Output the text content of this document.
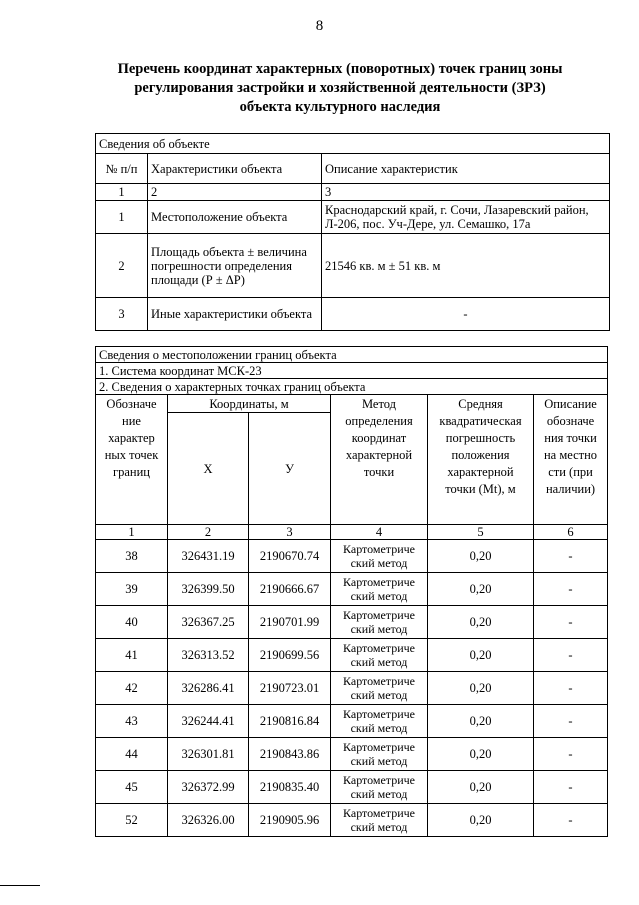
8
Перечень координат характерных (поворотных) точек границ зоны
регулирования застройки и хозяйственной деятельности (ЗРЗ)
объекта культурного наследия
Сведения об объекте		
№ п/п	Характеристики объекта	Описание характеристик
1	2	3
1	Местоположение объекта	Краснодарский край, г. Сочи, Лазаревский район, Л-206, пос. Уч-Дере, ул. Семашко, 17а
2	Площадь объекта ± величина погрешности определения площади (Р ± ΔР)	21546 кв. м ± 51 кв. м
3	Иные характеристики объекта	-
Сведения о местоположении границ объекта					
1. Система координат МСК-23					
2. Сведения о характерных точках границ объекта					
Обозначе ние характер ных точек границ	Координаты, м		Метод определения координат характерной точки	Средняя квадратическая погрешность положения характерной точки (Mt), м	Описание обозначе ния точки на местно сти (при наличии)
	Х	У			
1	2	3	4	5	6
38	326431.19	2190670.74	Картометриче ский метод	0,20	-
39	326399.50	2190666.67	Картометриче ский метод	0,20	-
40	326367.25	2190701.99	Картометриче ский метод	0,20	-
41	326313.52	2190699.56	Картометриче ский метод	0,20	-
42	326286.41	2190723.01	Картометриче ский метод	0,20	-
43	326244.41	2190816.84	Картометриче ский метод	0,20	-
44	326301.81	2190843.86	Картометриче ский метод	0,20	-
45	326372.99	2190835.40	Картометриче ский метод	0,20	-
52	326326.00	2190905.96	Картометриче ский метод	0,20	-
